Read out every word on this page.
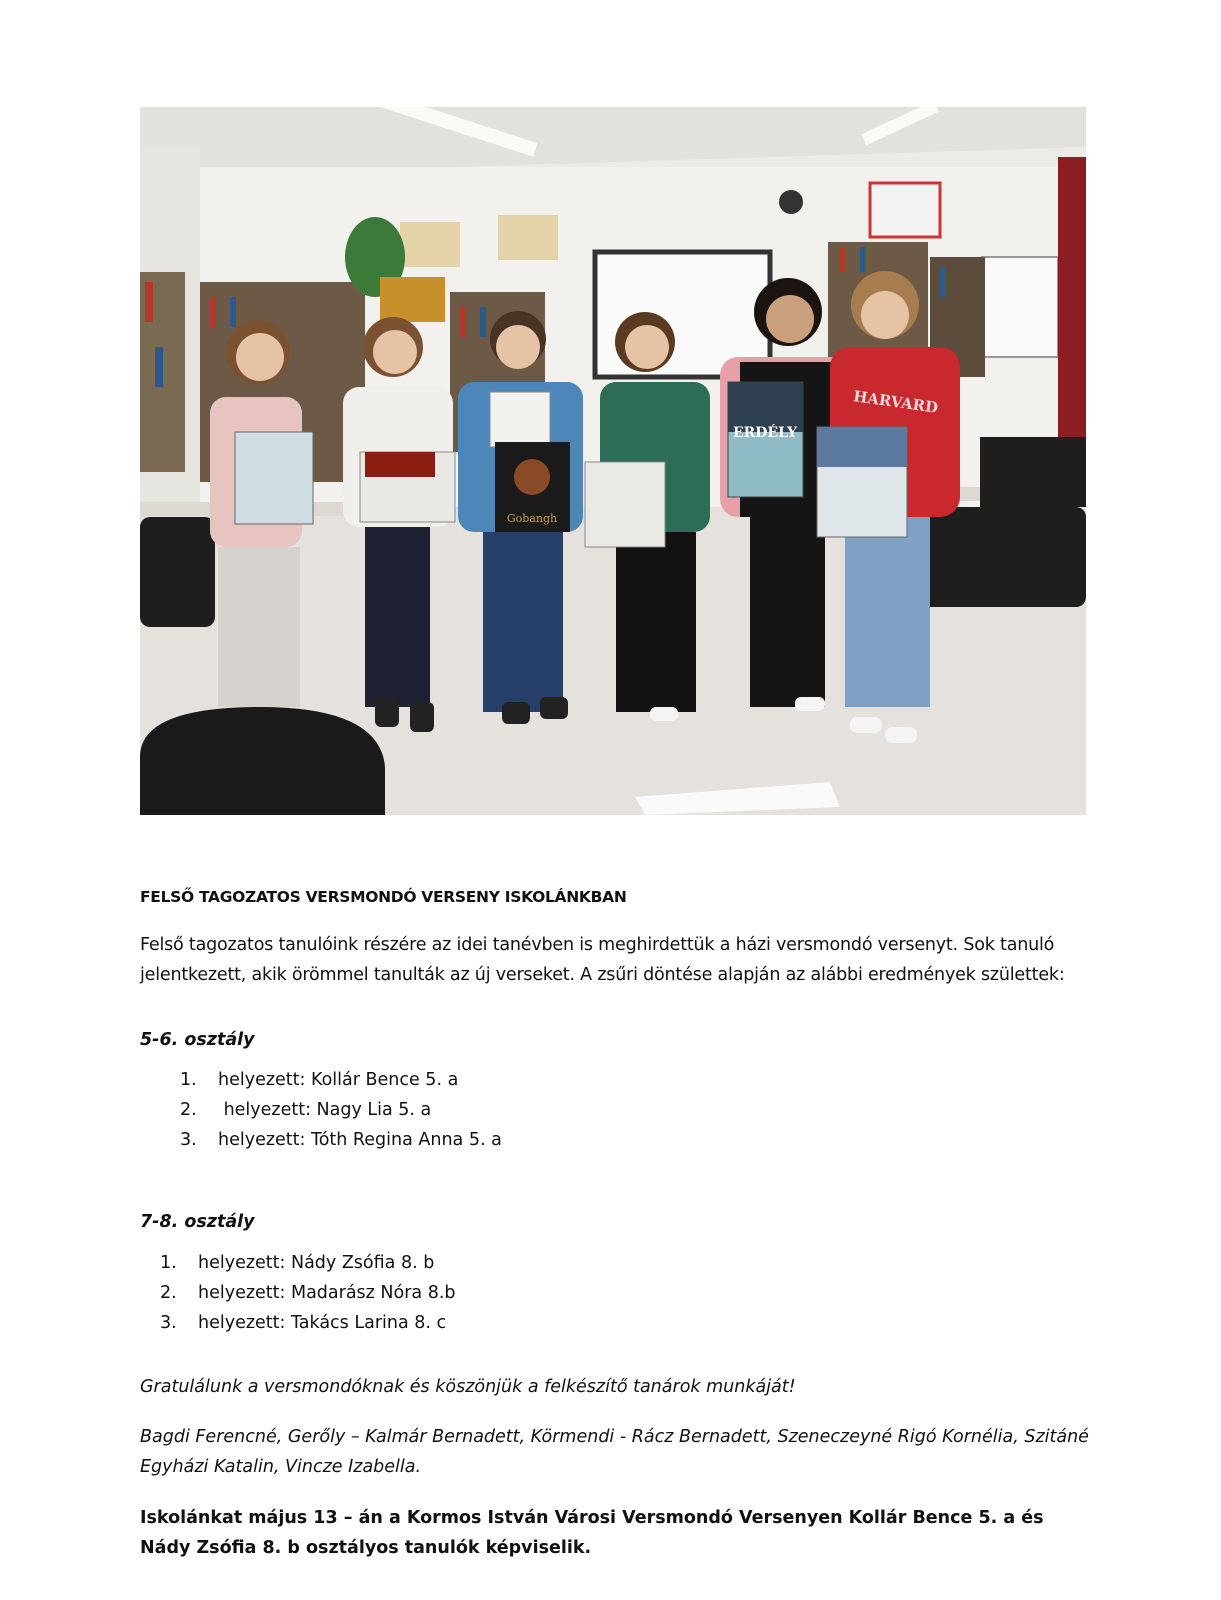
Gobangh
ERDÉLY
HARVARD
FELSŐ TAGOZATOS VERSMONDÓ VERSENY ISKOLÁNKBAN
Felső tagozatos tanulóink részére az idei tanévben is meghirdettük a házi versmondó versenyt. Sok tanuló jelentkezett, akik örömmel tanulták az új verseket. A zsűri döntése alapján az alábbi eredmények születtek:
5-6. osztály
1.	helyezett: Kollár Bence 5. a
2.	helyezett: Nagy Lia 5. a
3.	helyezett: Tóth Regina Anna 5. a
7-8. osztály
1.	helyezett: Nády Zsófia 8. b
2.	helyezett: Madarász Nóra 8.b
3.	helyezett: Takács Larina 8. c
Gratulálunk a versmondóknak és köszönjük a felkészítő tanárok munkáját!
Bagdi Ferencné, Gerőly – Kalmár Bernadett, Körmendi - Rácz Bernadett, Szeneczeyné Rigó Kornélia, Szitáné Egyházi Katalin, Vincze Izabella.
Iskolánkat május 13 – án a Kormos István Városi Versmondó Versenyen Kollár Bence 5. a és Nády Zsófia 8. b osztályos tanulók képviselik.
